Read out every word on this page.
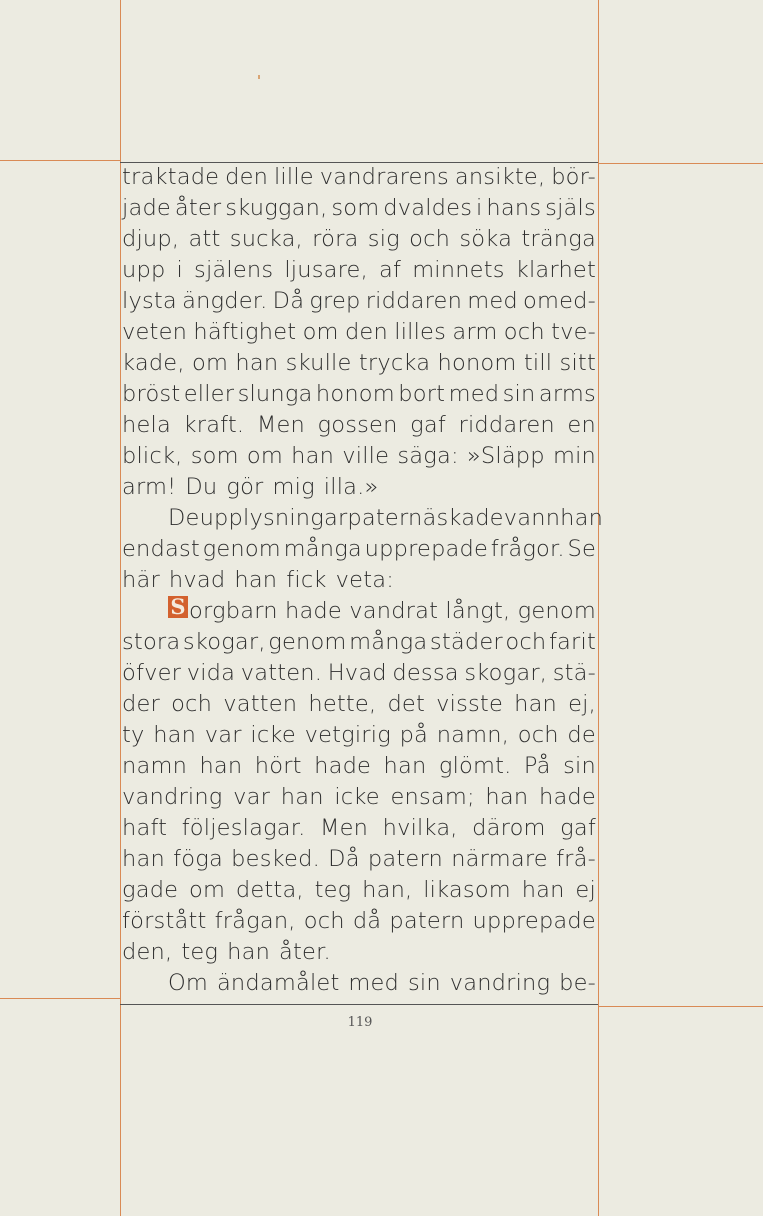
traktade den lille vandrarens ansikte, bör-
jade åter skuggan, som dvaldes i hans själs
djup, att sucka, röra sig och söka tränga
upp i själens ljusare, af minnets klarhet
lysta ängder. Då grep riddaren med omed-
veten häftighet om den lilles arm och tve-
kade, om han skulle trycka honom till sitt
bröst eller slunga honom bort med sin arms
hela kraft. Men gossen gaf riddaren en
blick, som om han ville säga: »Släpp min
arm! Du gör mig illa.»
De upplysningar patern äskade vann han
endast genom många upprepade frågor. Se
här hvad han fick veta:
S orgbarn hade vandrat långt, genom
stora skogar, genom många städer och farit
öfver vida vatten. Hvad dessa skogar, stä-
der och vatten hette, det visste han ej,
ty han var icke vetgirig på namn, och de
namn han hört hade han glömt. På sin
vandring var han icke ensam; han hade
haft följeslagar. Men hvilka, därom gaf
han föga besked. Då patern närmare frå-
gade om detta, teg han, likasom han ej
förstått frågan, och då patern upprepade
den, teg han åter.
Om ändamålet med sin vandring be-
119
